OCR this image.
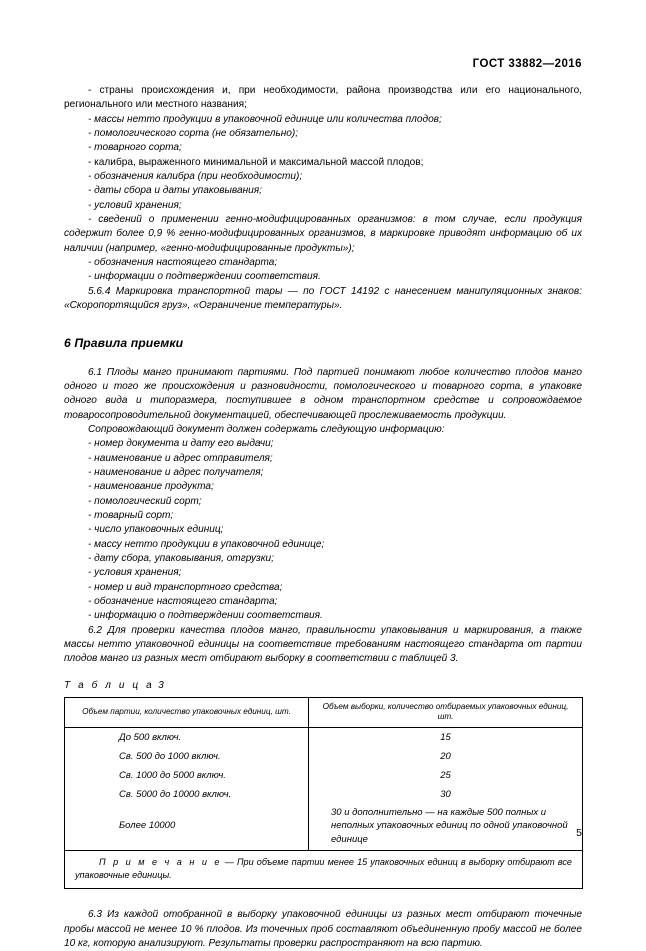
ГОСТ 33882—2016

- страны происхождения и, при необходимости, района производства или его национального, регионального или местного названия;

- массы нетто продукции в упаковочной единице или количества плодов;

- помологического сорта (не обязательно);

- товарного сорта;

- калибра, выраженного минимальной и максимальной массой плодов;

- обозначения калибра (при необходимости);

- даты сбора и даты упаковывания;

- условий хранения;

- сведений о применении генно-модифицированных организмов: в том случае, если продукция содержит более 0,9 % генно-модифицированных организмов, в маркировке приводят информацию об их наличии (например, «генно-модифицированные продукты»);

- обозначения настоящего стандарта;

- информации о подтверждении соответствия.

5.6.4 Маркировка транспортной тары — по ГОСТ 14192 с нанесением манипуляционных знаков: «Скоропортящийся груз», «Ограничение температуры».

6 Правила приемки

6.1 Плоды манго принимают партиями. Под партией понимают любое количество плодов манго одного и того же происхождения и разновидности, помологического и товарного сорта, в упаковке одного вида и типоразмера, поступившее в одном транспортном средстве и сопровождаемое товаросопроводительной документацией, обеспечивающей прослеживаемость продукции.

Сопровождающий документ должен содержать следующую информацию:

- номер документа и дату его выдачи;

- наименование и адрес отправителя;

- наименование и адрес получателя;

- наименование продукта;

- помологический сорт;

- товарный сорт;

- число упаковочных единиц;

- массу нетто продукции в упаковочной единице;

- дату сбора, упаковывания, отгрузки;

- условия хранения;

- номер и вид транспортного средства;

- обозначение настоящего стандарта;

- информацию о подтверждении соответствия.

6.2 Для проверки качества плодов манго, правильности упаковывания и маркирования, а также массы нетто упаковочной единицы на соответствие требованиям настоящего стандарта от партии плодов манго из разных мест отбирают выборку в соответствии с таблицей 3.

Т а б л и ц а 3
Объем партии, количество упаковочных единиц, шт.	Объем выборки, количество отбираемых упаковочных единиц, шт.
До 500 включ.	15
Св. 500 до 1000 включ.	20
Св. 1000 до 5000 включ.	25
Св. 5000 до 10000 включ.	30
Более 10000	30 и дополнительно — на каждые 500 полных и неполных упаковочных единиц по одной упаковочной единице
П р и м е ч а н и е — При объеме партии менее 15 упаковочных единиц в выборку отбирают все упаковочные единицы.	

6.3 Из каждой отобранной в выборку упаковочной единицы из разных мест отбирают точечные пробы массой не менее 10 % плодов. Из точечных проб составляют объединенную пробу массой не более 10 кг, которую анализируют. Результаты проверки распространяют на всю партию.

5
